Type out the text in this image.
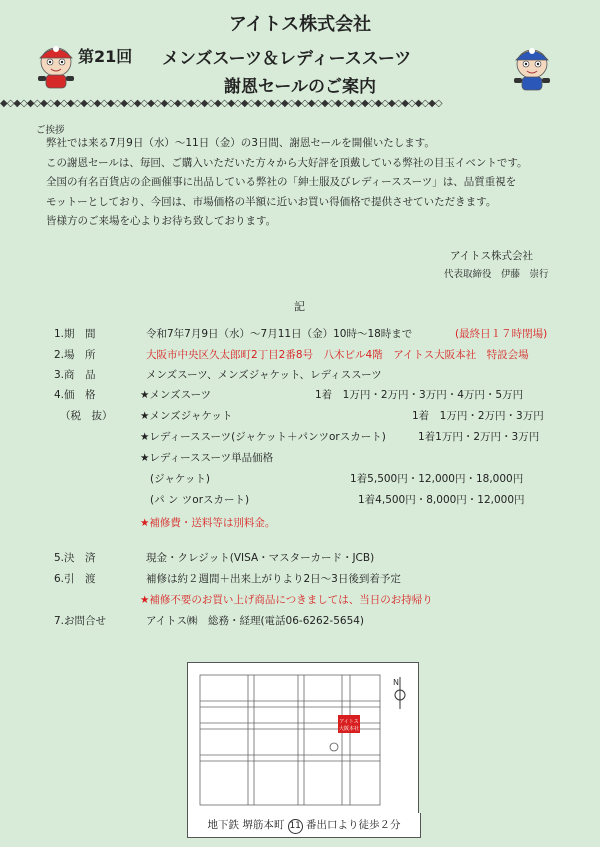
アイトス株式会社
第21回 メンズスーツ＆レディーススーツ
謝恩セールのご案内
◆◇◆◇◆◇◆◇◆◇◆◇◆◇◆◇◆◇◆◇◆◇◆◇◆◇◆◇◆◇◆◇◆◇◆◇◆◇◆◇◆◇◆◇◆◇◆◇◆◇◆◇◆◇◆◇◆◇◆◇◆◇◆◇◆◇
ご挨拶
弊社では来る7月9日（水）～11日（金）の3日間、謝恩セールを開催いたします。
この謝恩セールは、毎回、ご購入いただいた方々から大好評を頂戴している弊社の目玉イベントです。
全国の有名百貨店の企画催事に出品している弊社の「紳士服及びレディーススーツ」は、品質重視を
モットーとしており、今回は、市場価格の半額に近いお買い得価格で提供させていただきます。
皆様方のご来場を心よりお待ち致しております。
アイトス株式会社
代表取締役　伊藤　崇行
記
1.期　間	令和7年7月9日（水）～7月11日（金）10時～18時まで	(最終日１７時閉場)
2.場　所	大阪市中央区久太郎町2丁目2番8号　八木ビル4階　アイトス大阪本社　特設会場
3.商　品	メンズスーツ、メンズジャケット、レディススーツ
4.価　格
（税　抜）
★メンズスーツ	1着　1万円・2万円・3万円・4万円・5万円
★メンズジャケット	1着　1万円・2万円・3万円
★レディーススーツ(ジャケット＋パンツorスカート)	1着1万円・2万円・3万円
★レディーススーツ単品価格
(ジャケット)	1着5,500円・12,000円・18,000円
(パ ン ツorスカート)	1着4,500円・8,000円・12,000円
★補修費・送料等は別料金。
5.決　済	現金・クレジット(VISA・マスターカード・JCB)
6.引　渡	補修は約２週間＋出来上がりより2日～3日後到着予定
★補修不要のお買い上げ商品につきましては、当日のお持帰り
7.お問合せ	アイトス㈱　総務・経理(電話06-6262-5654)
アイトス
大阪本社
N
地下鉄 堺筋本町 11 番出口より徒歩２分
